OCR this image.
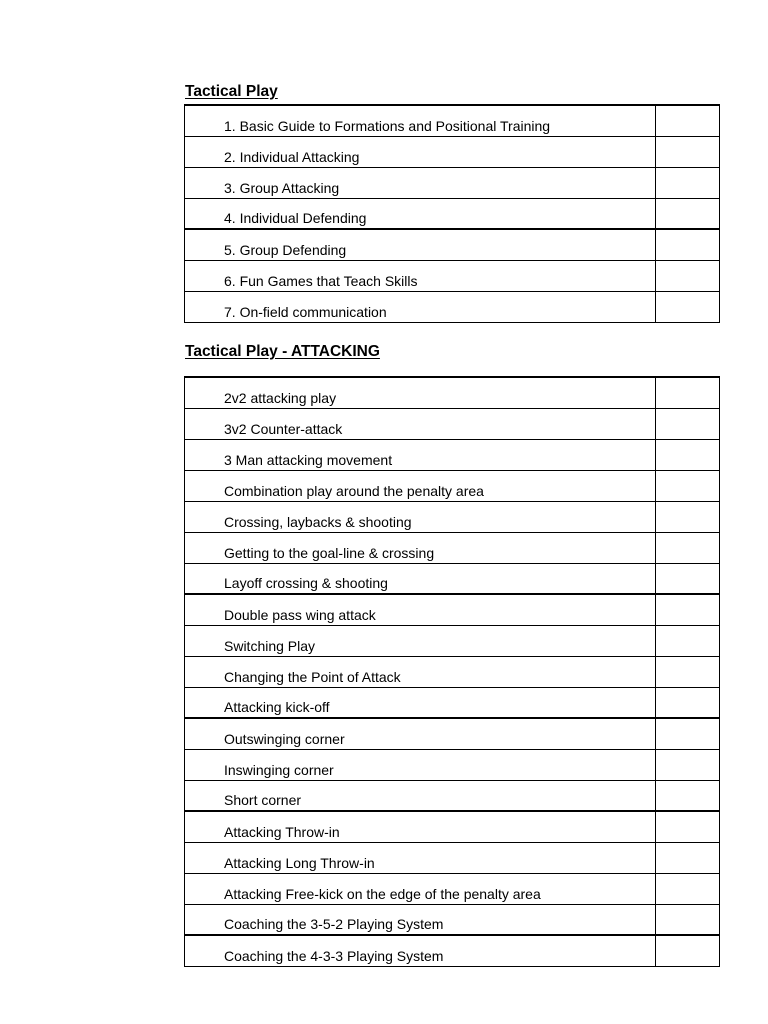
Tactical Play
1. Basic Guide to Formations and Positional Training	
2. Individual Attacking	
3. Group Attacking	
4. Individual Defending	
5. Group Defending	
6. Fun Games that Teach Skills	
7. On-field communication	
Tactical Play - ATTACKING
2v2 attacking play	
3v2 Counter-attack	
3 Man attacking movement	
Combination play around the penalty area	
Crossing, laybacks & shooting	
Getting to the goal-line & crossing	
Layoff crossing & shooting	
Double pass wing attack	
Switching Play	
Changing the Point of Attack	
Attacking kick-off	
Outswinging corner	
Inswinging corner	
Short corner	
Attacking Throw-in	
Attacking Long Throw-in	
Attacking Free-kick on the edge of the penalty area	
Coaching the 3-5-2 Playing System	
Coaching the 4-3-3 Playing System	
